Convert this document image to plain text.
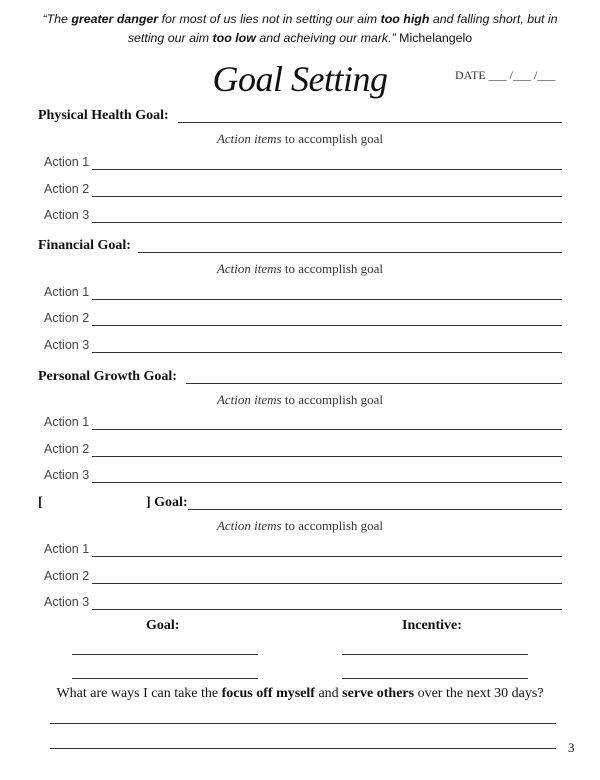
“The greater danger for most of us lies not in setting our aim too high and falling short, but in
setting our aim too low and acheiving our mark.” Michelangelo
Goal Setting	DATE ___ /___ /___
Physical Health Goal:
Action items to accomplish goal
Action 1
Action 2
Action 3
Financial Goal:
Action items to accomplish goal
Action 1
Action 2
Action 3
Personal Growth Goal:
Action items to accomplish goal
Action 1
Action 2
Action 3
[	] Goal:
Action items to accomplish goal
Action 1
Action 2
Action 3
Goal:	Incentive:
What are ways I can take the focus off myself and serve others over the next 30 days?
3
